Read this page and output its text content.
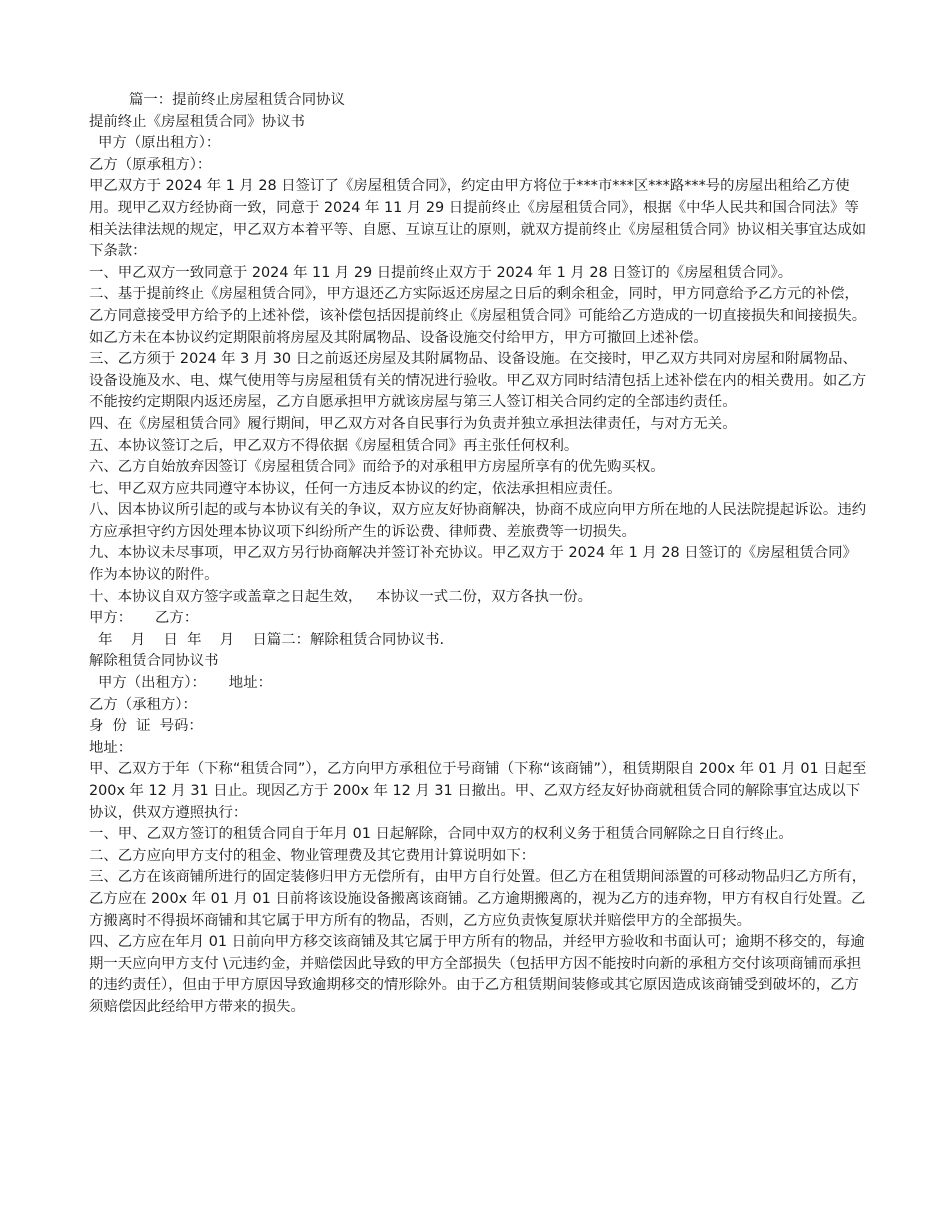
篇一：提前终止房屋租赁合同协议

提前终止《房屋租赁合同》协议书

甲方（原出租方）：

乙方（原承租方）：

甲乙双方于 2024 年 1 月 28 日签订了《房屋租赁合同》，约定由甲方将位于***市***区***路***号的房屋出租给乙方使用。现甲乙双方经协商一致，同意于 2024 年 11 月 29 日提前终止《房屋租赁合同》，根据《中华人民共和国合同法》等相关法律法规的规定，甲乙双方本着平等、自愿、互谅互让的原则，就双方提前终止《房屋租赁合同》协议相关事宜达成如下条款：

一、甲乙双方一致同意于 2024 年 11 月 29 日提前终止双方于 2024 年 1 月 28 日签订的《房屋租赁合同》。

二、基于提前终止《房屋租赁合同》，甲方退还乙方实际返还房屋之日后的剩余租金，同时，甲方同意给予乙方元的补偿，乙方同意接受甲方给予的上述补偿，该补偿包括因提前终止《房屋租赁合同》可能给乙方造成的一切直接损失和间接损失。如乙方未在本协议约定期限前将房屋及其附属物品、设备设施交付给甲方，甲方可撤回上述补偿。

三、乙方须于 2024 年 3 月 30 日之前返还房屋及其附属物品、设备设施。在交接时，甲乙双方共同对房屋和附属物品、设备设施及水、电、煤气使用等与房屋租赁有关的情况进行验收。甲乙双方同时结清包括上述补偿在内的相关费用。如乙方不能按约定期限内返还房屋，乙方自愿承担甲方就该房屋与第三人签订相关合同约定的全部违约责任。

四、在《房屋租赁合同》履行期间，甲乙双方对各自民事行为负责并独立承担法律责任，与对方无关。

五、本协议签订之后，甲乙双方不得依据《房屋租赁合同》再主张任何权利。

六、乙方自始放弃因签订《房屋租赁合同》而给予的对承租甲方房屋所享有的优先购买权。

七、甲乙双方应共同遵守本协议，任何一方违反本协议的约定，依法承担相应责任。

八、因本协议所引起的或与本协议有关的争议，双方应友好协商解决，协商不成应向甲方所在地的人民法院提起诉讼。违约方应承担守约方因处理本协议项下纠纷所产生的诉讼费、律师费、差旅费等一切损失。

九、本协议未尽事项，甲乙双方另行协商解决并签订补充协议。甲乙双方于 2024 年 1 月 28 日签订的《房屋租赁合同》作为本协议的附件。

十、本协议自双方签字或盖章之日起生效，   本协议一式二份，双方各执一份。

甲方：     乙方：

年    月    日  年    月    日篇二：解除租赁合同协议书.

解除租赁合同协议书

甲方（出租方）：     地址：

乙方（承租方）：

身  份  证  号码：

地址：

甲、乙双方于年（下称“租赁合同”），乙方向甲方承租位于号商铺（下称“该商铺”），租赁期限自 200x 年 01 月 01 日起至  200x 年 12 月 31 日止。现因乙方于 200x 年 12 月 31 日撤出。甲、乙双方经友好协商就租赁合同的解除事宜达成以下协议，供双方遵照执行：

一、甲、乙双方签订的租赁合同自于年月 01 日起解除，合同中双方的权利义务于租赁合同解除之日自行终止。

二、乙方应向甲方支付的租金、物业管理费及其它费用计算说明如下：

三、乙方在该商铺所进行的固定装修归甲方无偿所有，由甲方自行处置。但乙方在租赁期间添置的可移动物品归乙方所有，乙方应在 200x 年 01 月 01 日前将该设施设备搬离该商铺。乙方逾期搬离的，视为乙方的违弃物，甲方有权自行处置。乙方搬离时不得损坏商铺和其它属于甲方所有的物品，否则，乙方应负责恢复原状并赔偿甲方的全部损失。

四、乙方应在年月 01 日前向甲方移交该商铺及其它属于甲方所有的物品，并经甲方验收和书面认可；逾期不移交的，每逾期一天应向甲方支付 \元违约金，并赔偿因此导致的甲方全部损失（包括甲方因不能按时向新的承租方交付该项商铺而承担的违约责任），但由于甲方原因导致逾期移交的情形除外。由于乙方租赁期间装修或其它原因造成该商铺受到破坏的，乙方须赔偿因此经给甲方带来的损失。
